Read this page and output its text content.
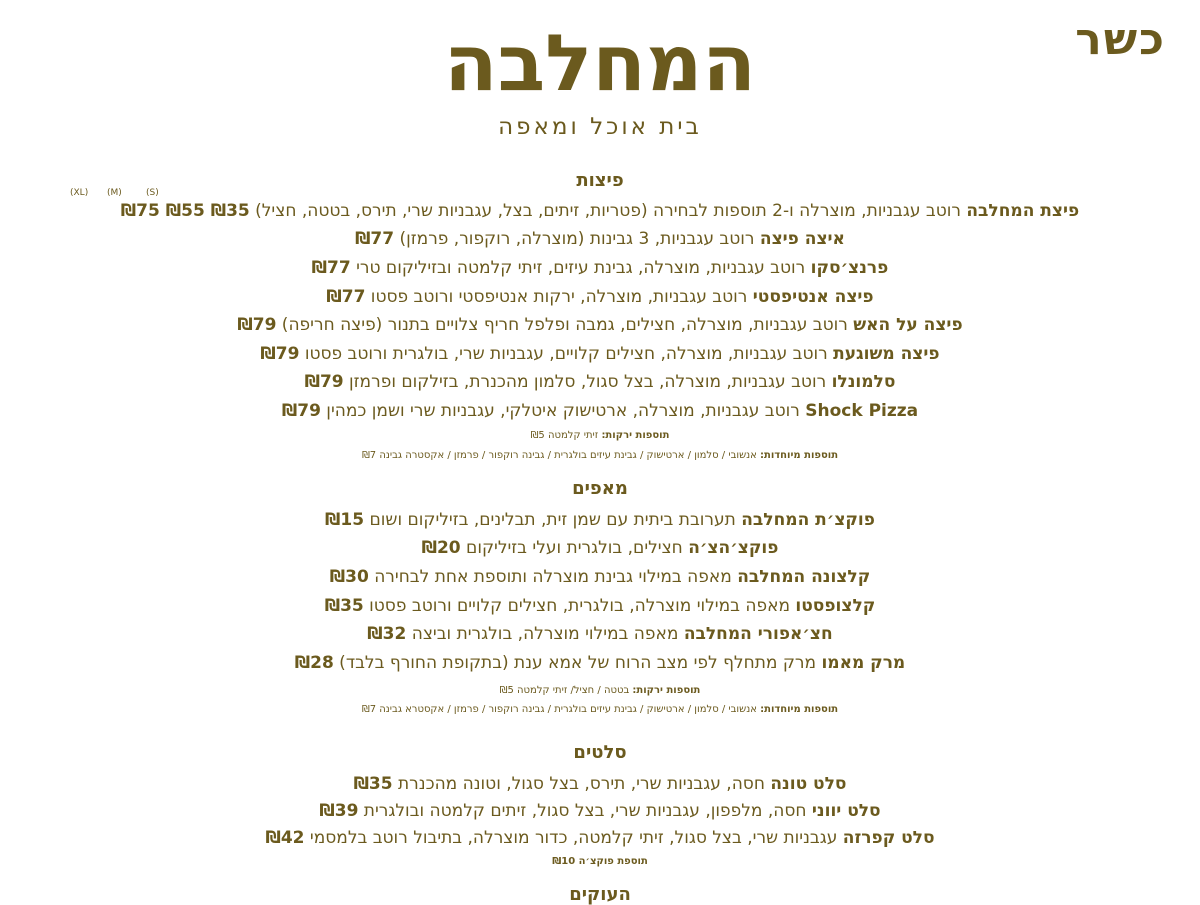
כשר
המחלבה
בית אוכל ומאפה
פיצות
(XL) (M)	(S)
פיצת המחלבה רוטב עגבניות, מוצרלה ו-2 תוספות לבחירה (פטריות, זיתים, בצל, עגבניות שרי, תירס, בטטה, חציל) ₪35 ₪55 ₪75
איצה פיצה רוטב עגבניות, 3 גבינות (מוצרלה, רוקפור, פרמזן) ₪77
פרנצ׳סקו רוטב עגבניות, מוצרלה, גבינת עיזים, זיתי קלמטה ובזיליקום טרי ₪77
פיצה אנטיפסטי רוטב עגבניות, מוצרלה, ירקות אנטיפסטי ורוטב פסטו ₪77
פיצה על האש רוטב עגבניות, מוצרלה, חצילים, גמבה ופלפל חריף צלויים בתנור (פיצה חריפה) ₪79
פיצה משוגעת רוטב עגבניות, מוצרלה, חצילים קלויים, עגבניות שרי, בולגרית ורוטב פסטו ₪79
סלמונלו רוטב עגבניות, מוצרלה, בצל סגול, סלמון מהכנרת, בזילקום ופרמזן ₪79
Shock Pizza רוטב עגבניות, מוצרלה, ארטישוק איטלקי, עגבניות שרי ושמן כמהין ₪79
תוספות ירקות: זיתי קלמטה ₪5
תוספות מיוחדות: אנשובי / סלמון / ארטישוק / גבינת עיזים בולגרית / גבינה רוקפור / פרמזן / אקסטרה גבינה ₪7
מאפים
פוקצ׳ת המחלבה תערובת ביתית עם שמן זית, תבלינים, בזיליקום ושום ₪15
פוקצ׳הצ׳ה חצילים, בולגרית ועלי בזיליקום ₪20
קלצונה המחלבה מאפה במילוי גבינת מוצרלה ותוספת אחת לבחירה ₪30
קלצופסטו מאפה במילוי מוצרלה, בולגרית, חצילים קלויים ורוטב פסטו ₪35
חצ׳אפורי המחלבה מאפה במילוי מוצרלה, בולגרית וביצה ₪32
מרק מאמו מרק מתחלף לפי מצב הרוח של אמא ענת (בתקופת החורף בלבד) ₪28
תוספות ירקות: בטטה / חציל/ זיתי קלמטה ₪5
תוספות מיוחדות: אנשובי / סלמון / ארטישוק / גבינת עיזים בולגרית / גבינה רוקפור / פרמזן / אקסטרא גבינה ₪7
סלטים
סלט טונה חסה, עגבניות שרי, תירס, בצל סגול, וטונה מהכנרת ₪35
סלט יווני חסה, מלפפון, עגבניות שרי, בצל סגול, זיתים קלמטה ובולגרית ₪39
סלט קפרזה עגבניות שרי, בצל סגול, זיתי קלמטה, כדור מוצרלה, בתיבול רוטב בלמסמי ₪42
תוספת פוקצ׳ה ₪10
העוקים
